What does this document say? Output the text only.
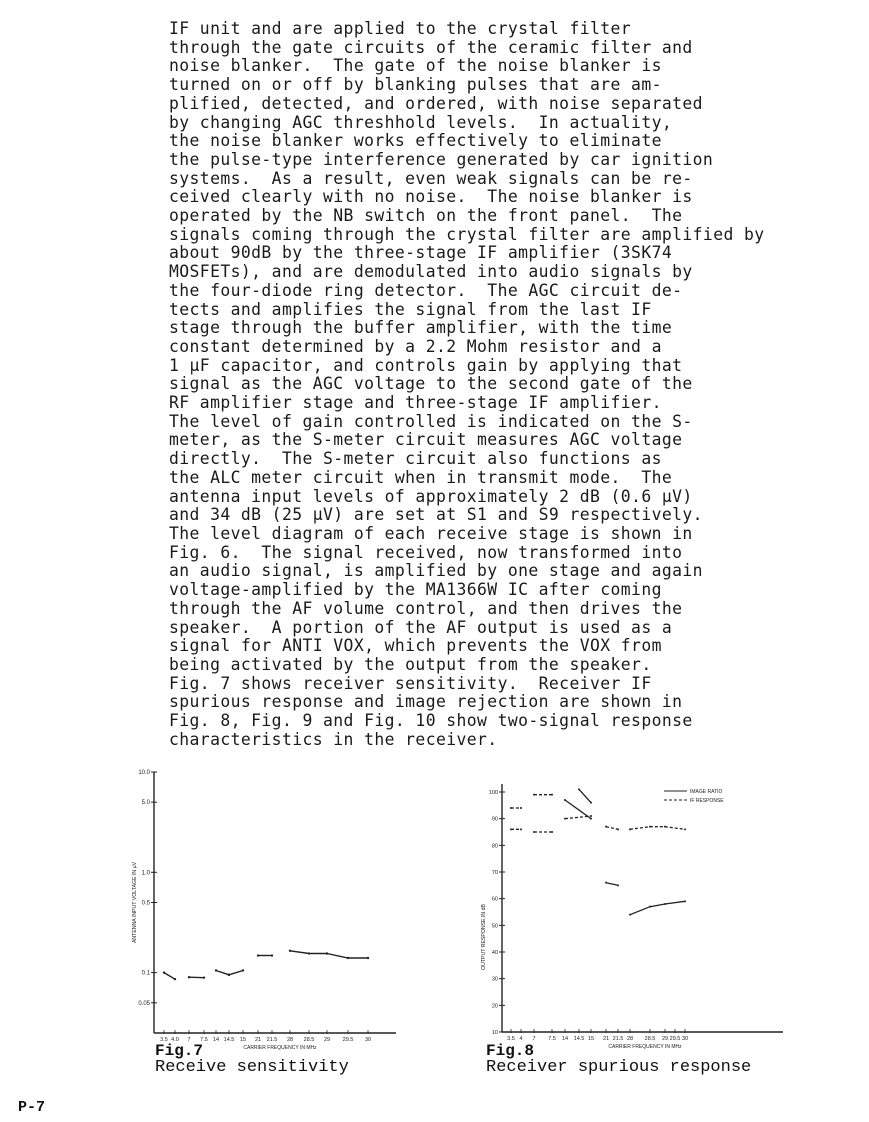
IF unit and are applied to the crystal filter
through the gate circuits of the ceramic filter and
noise blanker.  The gate of the noise blanker is
turned on or off by blanking pulses that are am-
plified, detected, and ordered, with noise separated
by changing AGC threshhold levels.  In actuality,
the noise blanker works effectively to eliminate
the pulse-type interference generated by car ignition
systems.  As a result, even weak signals can be re-
ceived clearly with no noise.  The noise blanker is
operated by the NB switch on the front panel.  The
signals coming through the crystal filter are amplified by
about 90dB by the three-stage IF amplifier (3SK74
MOSFETs), and are demodulated into audio signals by
the four-diode ring detector.  The AGC circuit de-
tects and amplifies the signal from the last IF
stage through the buffer amplifier, with the time
constant determined by a 2.2 Mohm resistor and a
1 µF capacitor, and controls gain by applying that
signal as the AGC voltage to the second gate of the
RF amplifier stage and three-stage IF amplifier.
The level of gain controlled is indicated on the S-
meter, as the S-meter circuit measures AGC voltage
directly.  The S-meter circuit also functions as
the ALC meter circuit when in transmit mode.  The
antenna input levels of approximately 2 dB (0.6 µV)
and 34 dB (25 µV) are set at S1 and S9 respectively.
The level diagram of each receive stage is shown in
Fig. 6.  The signal received, now transformed into
an audio signal, is amplified by one stage and again
voltage-amplified by the MA1366W IC after coming
through the AF volume control, and then drives the
speaker.  A portion of the AF output is used as a
signal for ANTI VOX, which prevents the VOX from
being activated by the output from the speaker.
Fig. 7 shows receiver sensitivity.  Receiver IF
spurious response and image rejection are shown in
Fig. 8, Fig. 9 and Fig. 10 show two-signal response
characteristics in the receiver.
10.0
5.0
1.0
0.5
0.1
0.05
3.5 4.0 7 7.5 14 14.5 15 21 21.5 28 28.5 29 29.5 30
ANTENNA INPUT VOLTAGE IN µV
CARRIER FREQUENCY IN MHz
Fig.7
Receive sensitivity
100
90
80
70
60
50
40
30
20
10
3.5 4 7 7.5 14 14.5 15 21 21.5 28 28.5 29 29.5 30
OUTPUT RESPONSE IN dB
CARRIER FREQUENCY IN MHz
IMAGE RATIO
IF RESPONSE
Fig.8
Receiver spurious response
P-7
